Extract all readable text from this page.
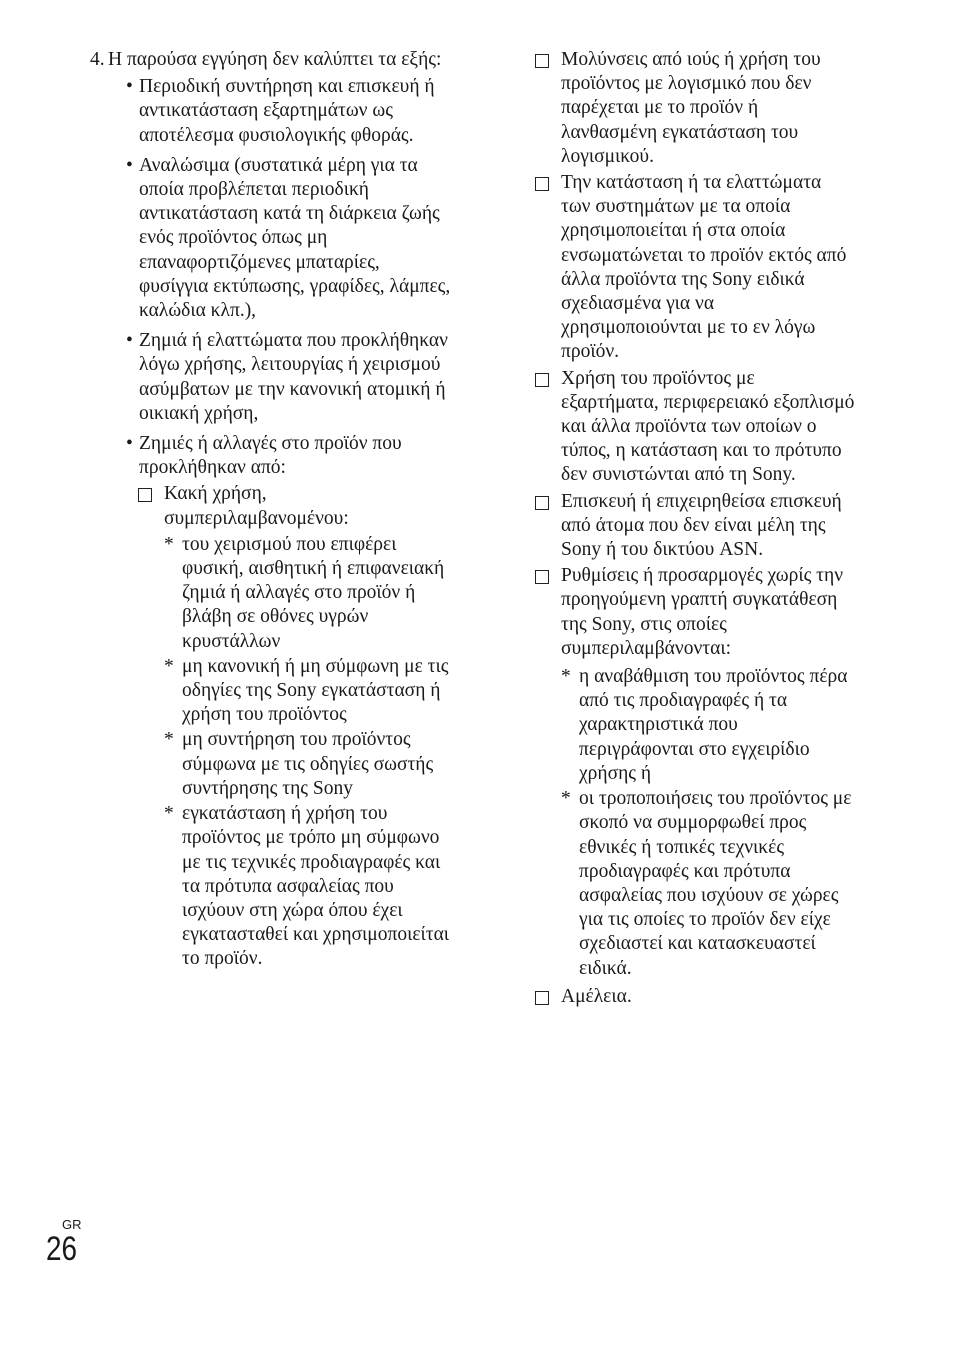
4. Η παρούσα εγγύηση δεν καλύπτει τα εξής:
• Περιοδική συντήρηση και επισκευή ή αντικατάσταση εξαρτημάτων ως αποτέλεσμα φυσιολογικής φθοράς.
• Αναλώσιμα (συστατικά μέρη για τα οποία προβλέπεται περιοδική αντικατάσταση κατά τη διάρκεια ζωής ενός προϊόντος όπως μη επαναφορτιζόμενες μπαταρίες, φυσίγγια εκτύπωσης, γραφίδες, λάμπες, καλώδια κλπ.),
• Ζημιά ή ελαττώματα που προκλήθηκαν λόγω χρήσης, λειτουργίας ή χειρισμού ασύμβατων με την κανονική ατομική ή οικιακή χρήση,
• Ζημιές ή αλλαγές στο προϊόν που προκλήθηκαν από:
Κακή χρήση, συμπεριλαμβανομένου:
* του χειρισμού που επιφέρει φυσική, αισθητική ή επιφανειακή ζημιά ή αλλαγές στο προϊόν ή βλάβη σε οθόνες υγρών κρυστάλλων
* μη κανονική ή μη σύμφωνη με τις οδηγίες της Sony εγκατάσταση ή χρήση του προϊόντος
* μη συντήρηση του προϊόντος σύμφωνα με τις οδηγίες σωστής συντήρησης της Sony
* εγκατάσταση ή χρήση του προϊόντος με τρόπο μη σύμφωνο με τις τεχνικές προδιαγραφές και τα πρότυπα ασφαλείας που ισχύουν στη χώρα όπου έχει εγκατασταθεί και χρησιμοποιείται το προϊόν.
Μολύνσεις από ιούς ή χρήση του προϊόντος με λογισμικό που δεν παρέχεται με το προϊόν ή λανθασμένη εγκατάσταση του λογισμικού.
Την κατάσταση ή τα ελαττώματα των συστημάτων με τα οποία χρησιμοποιείται ή στα οποία ενσωματώνεται το προϊόν εκτός από άλλα προϊόντα της Sony ειδικά σχεδιασμένα για να χρησιμοποιούνται με το εν λόγω προϊόν.
Χρήση του προϊόντος με εξαρτήματα, περιφερειακό εξοπλισμό και άλλα προϊόντα των οποίων ο τύπος, η κατάσταση και το πρότυπο δεν συνιστώνται από τη Sony.
Επισκευή ή επιχειρηθείσα επισκευή από άτομα που δεν είναι μέλη της Sony ή του δικτύου ASN.
Ρυθμίσεις ή προσαρμογές χωρίς την προηγούμενη γραπτή συγκατάθεση της Sony, στις οποίες συμπεριλαμβάνονται:
* η αναβάθμιση του προϊόντος πέρα από τις προδιαγραφές ή τα χαρακτηριστικά που περιγράφονται στο εγχειρίδιο χρήσης ή
* οι τροποποιήσεις του προϊόντος με σκοπό να συμμορφωθεί προς εθνικές ή τοπικές τεχνικές προδιαγραφές και πρότυπα ασφαλείας που ισχύουν σε χώρες για τις οποίες το προϊόν δεν είχε σχεδιαστεί και κατασκευαστεί ειδικά.
Αμέλεια.
GR
26
